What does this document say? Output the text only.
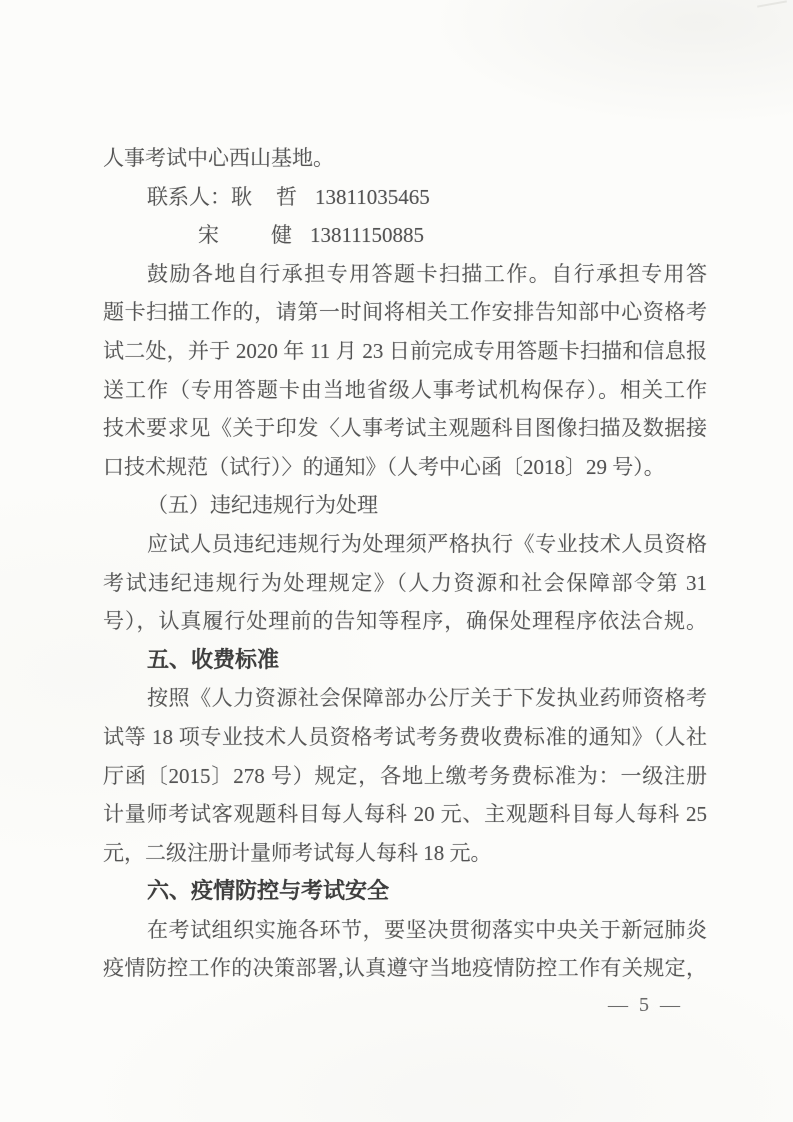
人事考试中心西山基地。
联系人：耿 哲 13811035465
宋 健 13811150885
鼓励各地自行承担专用答题卡扫描工作。自行承担专用答
题卡扫描工作的，请第一时间将相关工作安排告知部中心资格考
试二处，并于 2020 年 11 月 23 日前完成专用答题卡扫描和信息报
送工作（专用答题卡由当地省级人事考试机构保存）。相关工作
技术要求见《关于印发〈人事考试主观题科目图像扫描及数据接
口技术规范（试行）〉的通知》（人考中心函〔2018〕29 号）。
（五）违纪违规行为处理
应试人员违纪违规行为处理须严格执行《专业技术人员资格
考试违纪违规行为处理规定》（人力资源和社会保障部令第 31
号），认真履行处理前的告知等程序，确保处理程序依法合规。
五、收费标准
按照《人力资源社会保障部办公厅关于下发执业药师资格考
试等 18 项专业技术人员资格考试考务费收费标准的通知》（人社
厅函〔2015〕278 号）规定，各地上缴考务费标准为：一级注册
计量师考试客观题科目每人每科 20 元、主观题科目每人每科 25
元，二级注册计量师考试每人每科 18 元。
六、疫情防控与考试安全
在考试组织实施各环节，要坚决贯彻落实中央关于新冠肺炎
疫情防控工作的决策部署,认真遵守当地疫情防控工作有关规定，
— 5 —
